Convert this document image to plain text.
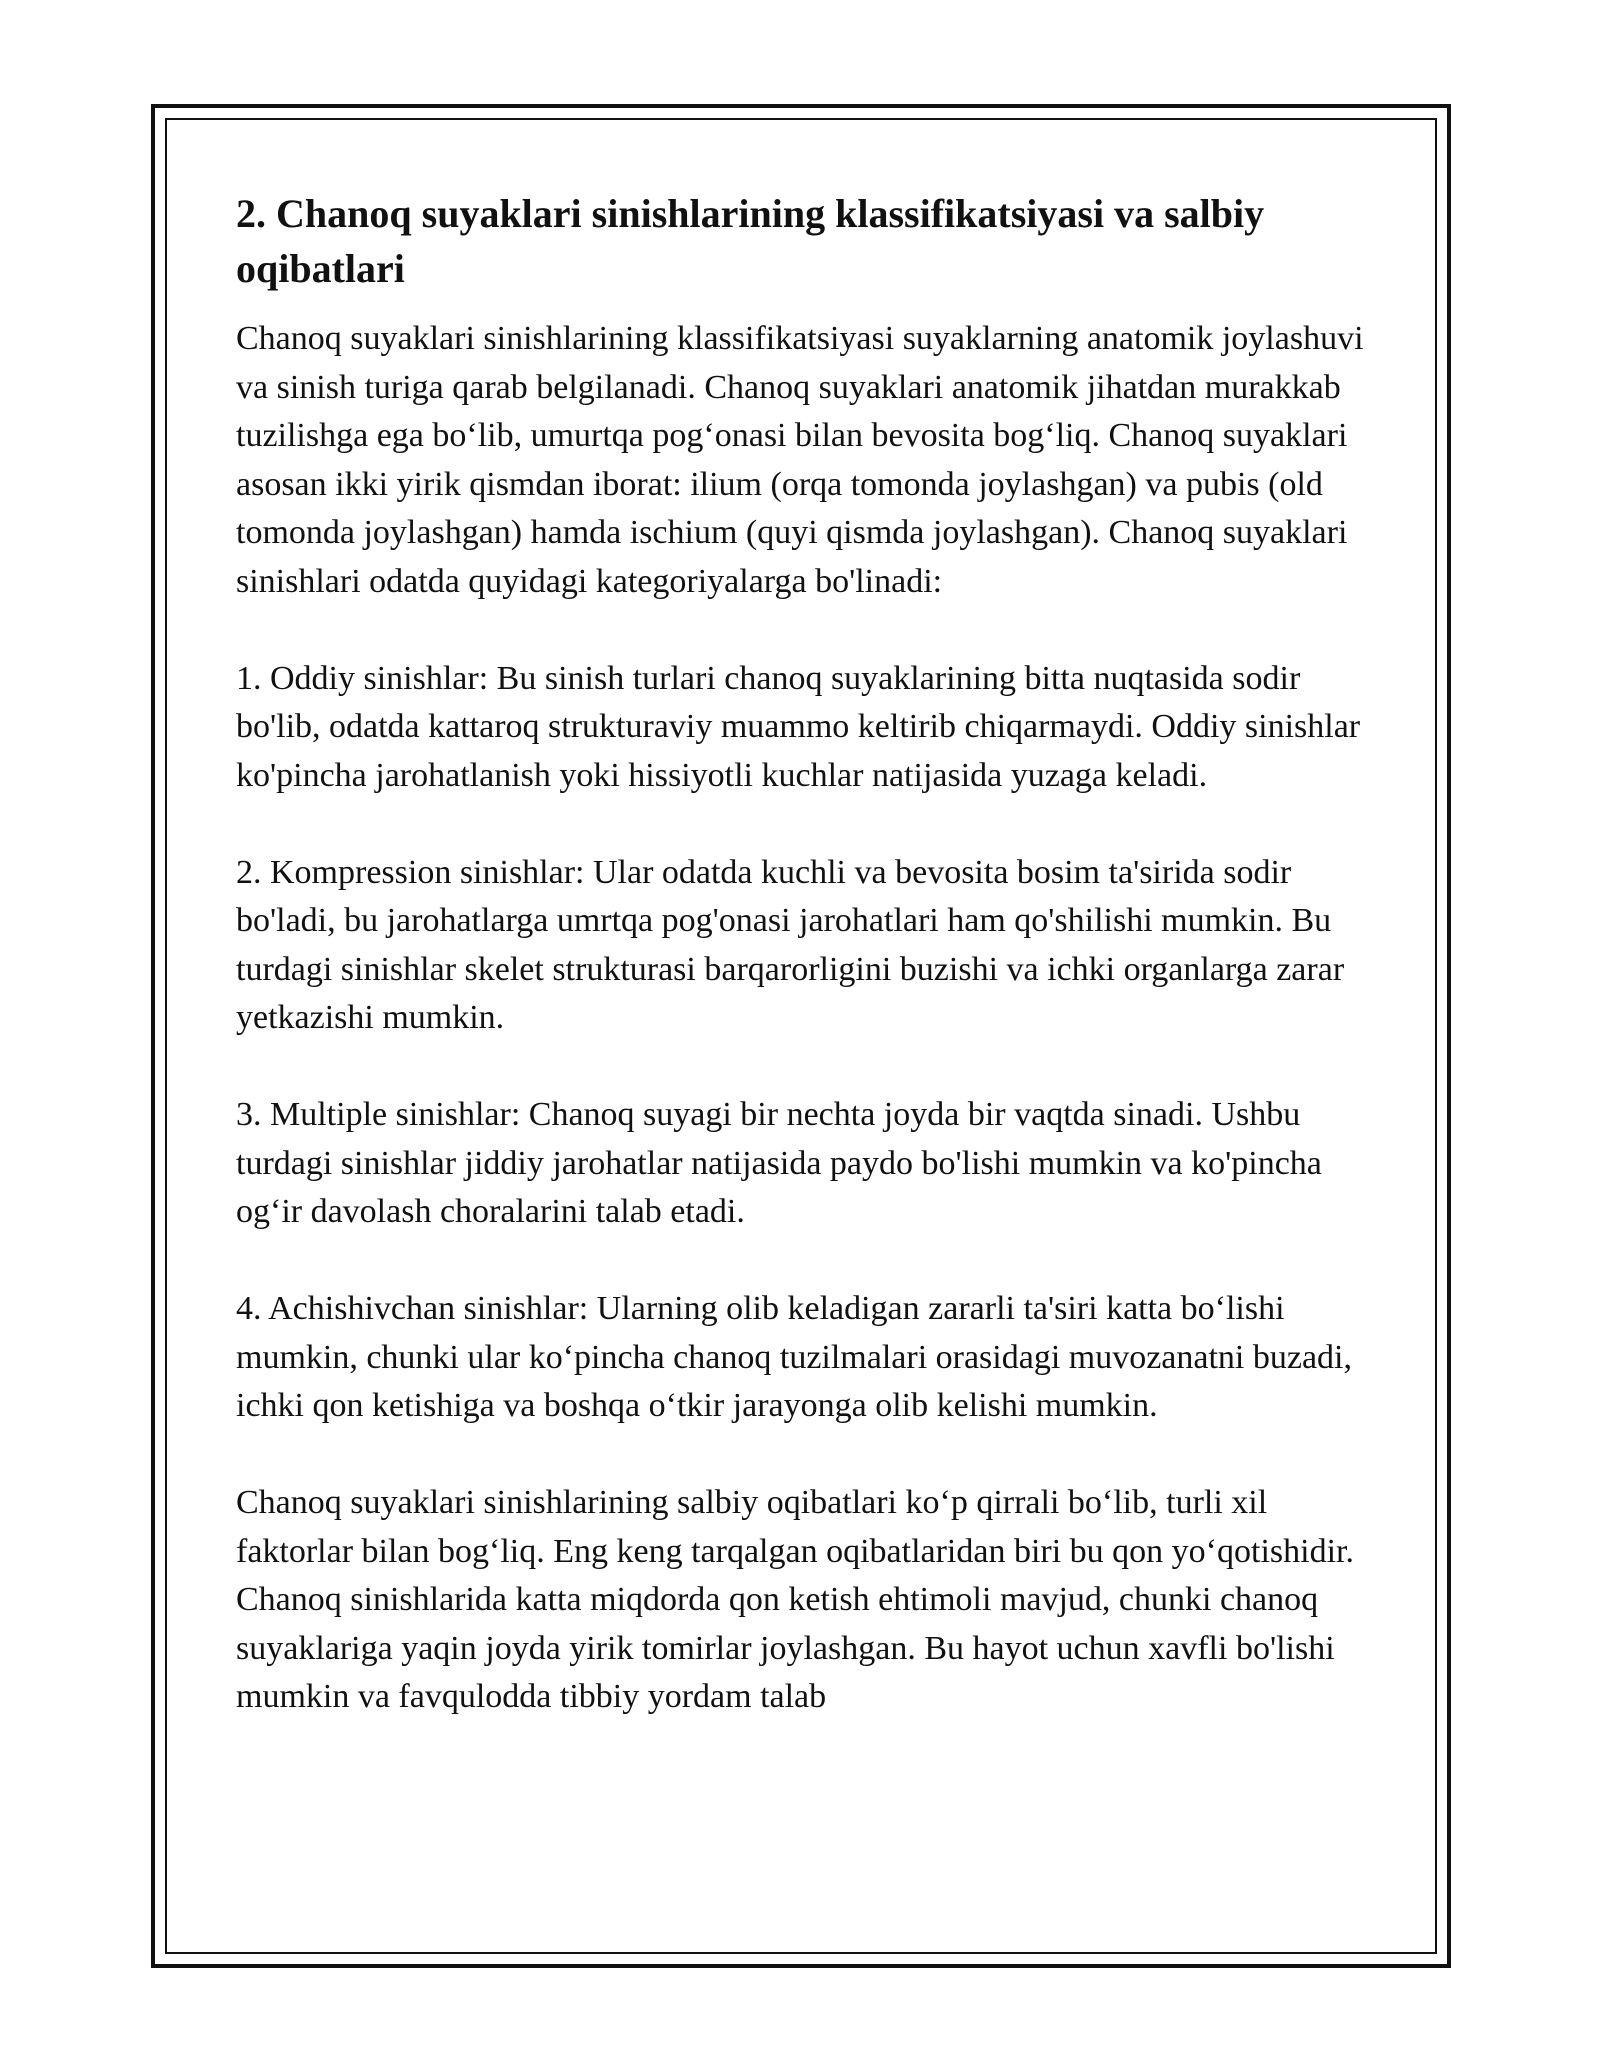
2. Chanoq suyaklari sinishlarining klassifikatsiyasi va salbiy oqibatlari

Chanoq suyaklari sinishlarining klassifikatsiyasi suyaklarning anatomik joylashuvi va sinish turiga qarab belgilanadi. Chanoq suyaklari anatomik jihatdan murakkab tuzilishga ega bo‘lib, umurtqa pog‘onasi bilan bevosita bog‘liq. Chanoq suyaklari asosan ikki yirik qismdan iborat: ilium (orqa tomonda joylashgan) va pubis (old tomonda joylashgan) hamda ischium (quyi qismda joylashgan). Chanoq suyaklari sinishlari odatda quyidagi kategoriyalarga bo'linadi:

1. Oddiy sinishlar: Bu sinish turlari chanoq suyaklarining bitta nuqtasida sodir bo'lib, odatda kattaroq strukturaviy muammo keltirib chiqarmaydi. Oddiy sinishlar ko'pincha jarohatlanish yoki hissiyotli kuchlar natijasida yuzaga keladi.

2. Kompression sinishlar: Ular odatda kuchli va bevosita bosim ta'sirida sodir bo'ladi, bu jarohatlarga umrtqa pog'onasi jarohatlari ham qo'shilishi mumkin. Bu turdagi sinishlar skelet strukturasi barqarorligini buzishi va ichki organlarga zarar yetkazishi mumkin.

3. Multiple sinishlar: Chanoq suyagi bir nechta joyda bir vaqtda sinadi. Ushbu turdagi sinishlar jiddiy jarohatlar natijasida paydo bo'lishi mumkin va ko'pincha og‘ir davolash choralarini talab etadi.

4. Achishivchan sinishlar: Ularning olib keladigan zararli ta'siri katta bo‘lishi mumkin, chunki ular ko‘pincha chanoq tuzilmalari orasidagi muvozanatni buzadi, ichki qon ketishiga va boshqa o‘tkir jarayonga olib kelishi mumkin.

Chanoq suyaklari sinishlarining salbiy oqibatlari ko‘p qirrali bo‘lib, turli xil faktorlar bilan bog‘liq. Eng keng tarqalgan oqibatlaridan biri bu qon yo‘qotishidir. Chanoq sinishlarida katta miqdorda qon ketish ehtimoli mavjud, chunki chanoq suyaklariga yaqin joyda yirik tomirlar joylashgan. Bu hayot uchun xavfli bo'lishi mumkin va favqulodda tibbiy yordam talab
